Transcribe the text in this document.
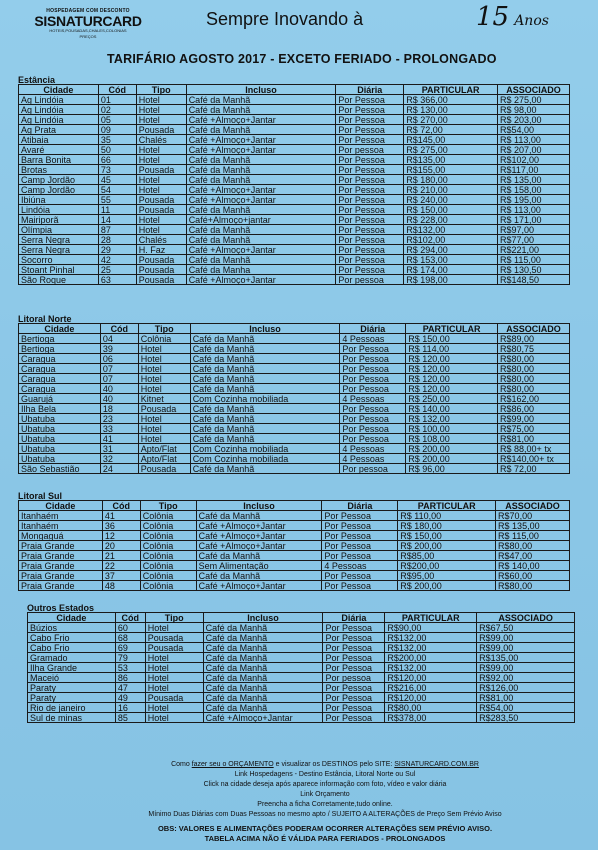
HOSPEDAGEM COM DESCONTO
SISNATURCARD
HOTEIS,POUSADAS,CHALES,COLONIAS
PREÇOS
Sempre Inovando à	15 Anos
TARIFÁRIO AGOSTO 2017 - EXCETO FERIADO - PROLONGADO
Estância
Cidade	Cód	Tipo	Incluso	Diária	PARTICULAR	ASSOCIADO
Ag Lindóia	01	Hotel	Café da Manhã	Por Pessoa	R$ 366,00	R$ 275,00
Ag Lindóia	02	Hotel	Café da Manhã	Por Pessoa	R$ 130,00	R$ 98,00
Ag Lindóia	05	Hotel	Café +Almoço+Jantar	Por Pessoa	R$ 270,00	R$ 203,00
Ag Prata	09	Pousada	Café da Manhã	Por Pessoa	R$ 72,00	R$54,00
Atibaia	35	Chalés	Café +Almoço+Jantar	Por Pessoa	R$145,00	R$ 113,00
Avaré	50	Hotel	Café +Almoço+Jantar	Por pessoa	R$ 275,00	R$ 207,00
Barra Bonita	66	Hotel	Café da Manhã	Por Pessoa	R$135,00	R$102,00
Brotas	73	Pousada	Café da Manhã	Por Pessoa	R$155,00	R$117,00
Camp Jordão	45	Hotel	Café da Manhã	Por Pessoa	R$ 180,00	R$ 135,00
Camp Jordão	54	Hotel	Café +Almoço+Jantar	Por Pessoa	R$ 210,00	R$ 158,00
Ibiúna	55	Pousada	Café +Almoço+Jantar	Por Pessoa	R$ 240,00	R$ 195,00
Lindóia	11	Pousada	Café da Manhã	Por Pessoa	R$ 150,00	R$ 113,00
Mairiporã	14	Hotel	Café+Almoço+jantar	Por Pessoa	R$ 228,00	R$ 171,00
Olímpia	87	Hotel	Café da Manhã	Por Pessoa	R$132,00	R$97,00
Serra Negra	28	Chalés	Café da Manhã	Por Pessoa	R$102,00	R$77,00
Serra Negra	29	H. Faz	Café +Almoço+Jantar	Por Pessoa	R$ 294,00	R$221,00
Socorro	42	Pousada	Café da Manhã	Por Pessoa	R$ 153,00	R$ 115,00
Stoant Pinhal	25	Pousada	Café da Manha	Por Pessoa	R$ 174,00	R$ 130,50
São Roque	63	Pousada	Café +Almoço+Jantar	Por pessoa	R$ 198,00	R$148,50
Litoral Norte
Cidade	Cód	Tipo	Incluso	Diária	PARTICULAR	ASSOCIADO
Bertioga	04	Colônia	Café da Manhã	4 Pessoas	R$ 150,00	R$89,00
Bertioga	39	Hotel	Café da Manhã	Por Pessoa	R$ 114,00	R$80,75
Caragua	06	Hotel	Café da Manhã	Por Pessoa	R$ 120,00	R$80,00
Caragua	07	Hotel	Café da Manhã	Por Pessoa	R$ 120,00	R$80,00
Caragua	07	Hotel	Café da Manhã	Por Pessoa	R$ 120,00	R$80,00
Caragua	40	Hotel	Café da Manhã	Por Pessoa	R$ 120,00	R$80,00
Guarujá	40	Kitnet	Com Cozinha mobiliada	4 Pessoas	R$ 250,00	R$162,00
Ilha Bela	18	Pousada	Café da Manhã	Por Pessoa	R$ 140,00	R$86,00
Ubatuba	23	Hotel	Café da Manhã	Por Pessoa	R$ 132,00	R$99,00
Ubatuba	33	Hotel	Café da Manhã	Por Pessoa	R$ 100,00	R$75,00
Ubatuba	41	Hotel	Café da Manhã	Por Pessoa	R$ 108,00	R$81,00
Ubatuba	31	Apto/Flat	Com Cozinha mobiliada	4 Pessoas	R$ 200,00	R$ 88,00+ tx
Ubatuba	32	Apto/Flat	Com Cozinha mobiliada	4 Pessoas	R$ 200,00	R$140,00+ tx
São Sebastião	24	Pousada	Café da Manhã	Por pessoa	R$ 96,00	R$ 72,00
Litoral Sul
Cidade	Cód	Tipo	Incluso	Diária	PARTICULAR	ASSOCIADO
Itanhaém	41	Colônia	Café da Manhã	Por Pessoa	R$ 110,00	R$70,00
Itanhaém	36	Colônia	Café +Almoço+Jantar	Por Pessoa	R$ 180,00	R$ 135,00
Mongaguá	12	Colônia	Café +Almoço+Jantar	Por Pessoa	R$ 150,00	R$ 115,00
Praia Grande	20	Colônia	Café +Almoço+Jantar	Por Pessoa	R$ 200,00	R$80,00
Praia Grande	21	Colônia	Café da Manhã	Por Pessoa	R$85,00	R$47,00
Praia Grande	22	Colônia	Sem Alimentação	4 Pessoas	R$200,00	R$ 140,00
Praia Grande	37	Colônia	Café da Manhã	Por Pessoa	R$95,00	R$60,00
Praia Grande	48	Colônia	Café +Almoço+Jantar	Por Pessoa	R$ 200,00	R$80,00
Outros Estados
Cidade	Cód	Tipo	Incluso	Diária	PARTICULAR	ASSOCIADO
Búzios	60	Hotel	Café da Manhã	Por Pessoa	R$90,00	R$67,50
Cabo Frio	68	Pousada	Café da Manhã	Por Pessoa	R$132,00	R$99,00
Cabo Frio	69	Pousada	Café da Manhã	Por Pessoa	R$132,00	R$99,00
Gramado	79	Hotel	Café da Manhã	Por Pessoa	R$200,00	R$135,00
Ilha Grande	53	Hotel	Café da Manhã	Por Pessoa	R$132,00	R$99,00
Maceió	86	Hotel	Café da Manhã	Por pessoa	R$120,00	R$92,00
Paraty	47	Hotel	Café da Manhã	Por Pessoa	R$216,00	R$126,00
Paraty	49	Pousada	Café da Manhã	Por Pessoa	R$120,00	R$81,00
Rio de janeiro	16	Hotel	Café da Manhã	Por Pessoa	R$80,00	R$54,00
Sul de minas	85	Hotel	Café +Almoço+Jantar	Por Pessoa	R$378,00	R$283,50
Como fazer seu o ORÇAMENTO e visualizar os DESTINOS pelo SITE: SISNATURCARD.COM.BR
Link Hospedagens - Destino Estância, Litoral Norte ou Sul
Click na cidade deseja após aparece informação com foto, vídeo e valor diária
Link Orçamento
Preencha a ficha Corretamente,tudo online.
Mínimo Duas Diárias com Duas Pessoas no mesmo apto / SUJEITO A ALTERAÇÕES de Preço Sem Prévio Aviso
OBS: VALORES E ALIMENTAÇÕES PODERAM OCORRER ALTERAÇÕES SEM PRÉVIO AVISO.
TABELA ACIMA NÃO É VÁLIDA PARA FERIADOS - PROLONGADOS
